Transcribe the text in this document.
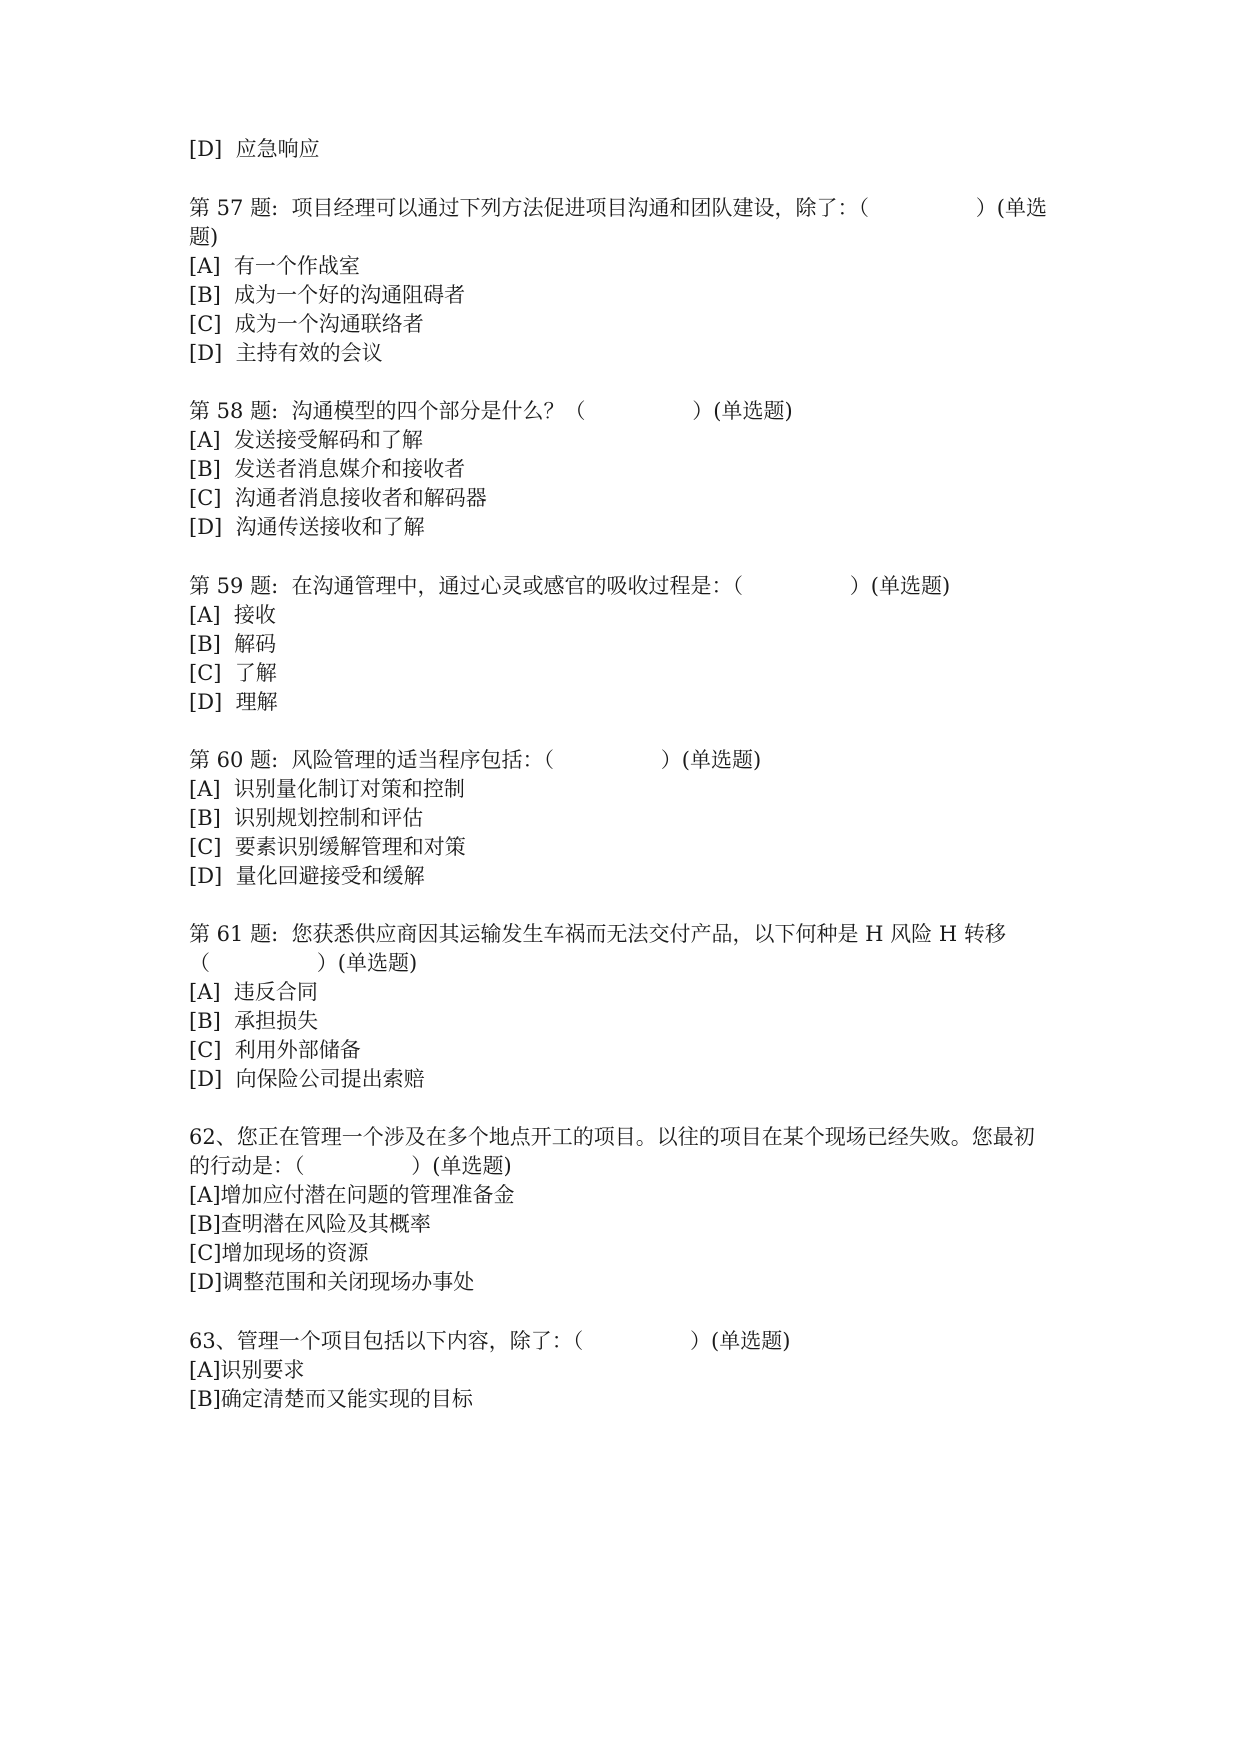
[D]  应急响应

第 57 题:  项目经理可以通过下列方法促进项目沟通和团队建设，除了：（                ）(单选

题)

[A]  有一个作战室

[B]  成为一个好的沟通阻碍者

[C]  成为一个沟通联络者

[D]  主持有效的会议

第 58 题:  沟通模型的四个部分是什么？（                ）(单选题)

[A]  发送接受解码和了解

[B]  发送者消息媒介和接收者

[C]  沟通者消息接收者和解码器

[D]  沟通传送接收和了解

第 59 题:  在沟通管理中，通过心灵或感官的吸收过程是：（                ）(单选题)

[A]  接收

[B]  解码

[C]  了解

[D]  理解

第 60 题:  风险管理的适当程序包括：（                ）(单选题)

[A]  识别量化制订对策和控制

[B]  识别规划控制和评估

[C]  要素识别缓解管理和对策

[D]  量化回避接受和缓解

第 61 题:  您获悉供应商因其运输发生车祸而无法交付产品，以下何种是 H 风险 H 转移

（                ）(单选题)

[A]  违反合同

[B]  承担损失

[C]  利用外部储备

[D]  向保险公司提出索赔

62、您正在管理一个涉及在多个地点开工的项目。以往的项目在某个现场已经失败。您最初

的行动是：（                ）(单选题)

[A]增加应付潜在问题的管理准备金

[B]查明潜在风险及其概率

[C]增加现场的资源

[D]调整范围和关闭现场办事处

63、管理一个项目包括以下内容，除了：（                ）(单选题)

[A]识别要求

[B]确定清楚而又能实现的目标
